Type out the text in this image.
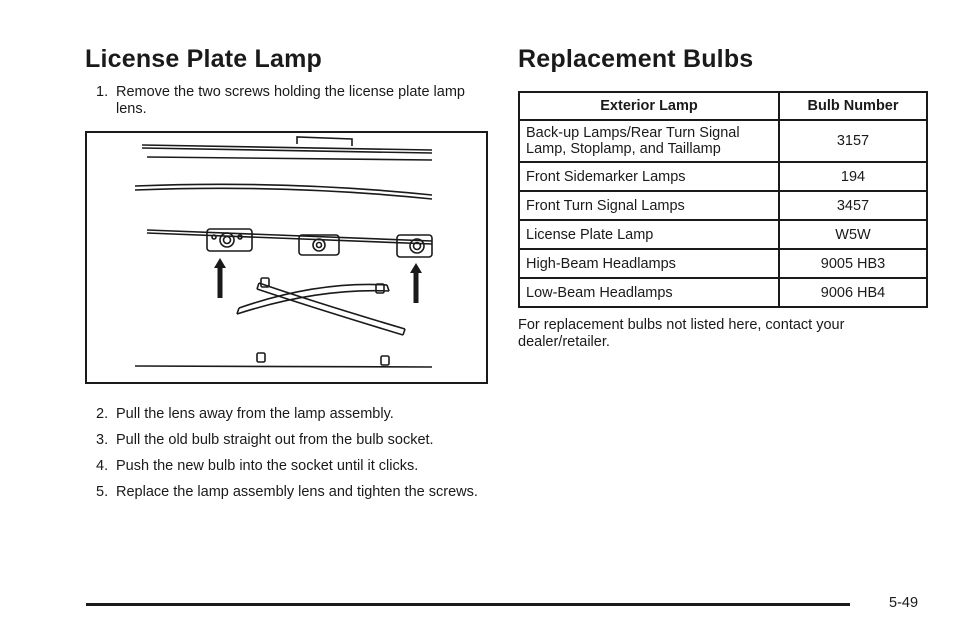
License Plate Lamp

1. Remove the two screws holding the license plate lamp lens.

2. Pull the lens away from the lamp assembly.

3. Pull the old bulb straight out from the bulb socket.

4. Push the new bulb into the socket until it clicks.

5. Replace the lamp assembly lens and tighten the screws.

Replacement Bulbs
Exterior Lamp	Bulb Number
Back-up Lamps/Rear Turn Signal Lamp, Stoplamp, and Taillamp	3157
Front Sidemarker Lamps	194
Front Turn Signal Lamps	3457
License Plate Lamp	W5W
High-Beam Headlamps	9005 HB3
Low-Beam Headlamps	9006 HB4

For replacement bulbs not listed here, contact your dealer/retailer.

5-49
